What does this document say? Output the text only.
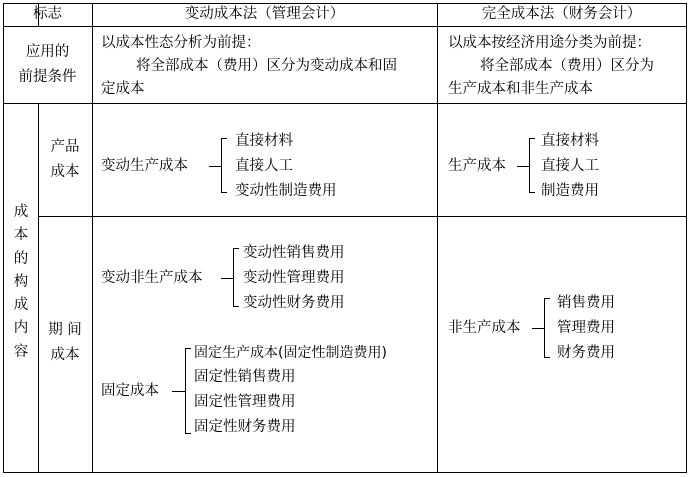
标志	变动成本法（管理会计）	完全成本法（财务会计）
应用的
前提条件
以成本性态分析为前提：
将全部成本（费用）区分为变动成本和固
定成本
以成本按经济用途分类为前提：
将全部成本（费用）区分为
生产成本和非生产成本
成
本
的
构
成
内
容
产品
成本
期 间
成本
变动生产成本
直接材料
直接人工
变动性制造费用
变动非生产成本
变动性销售费用
变动性管理费用
变动性财务费用
固定成本
固定生产成本(固定性制造费用)
固定性销售费用
固定性管理费用
固定性财务费用
生产成本
直接材料
直接人工
制造费用
非生产成本
销售费用
管理费用
财务费用
